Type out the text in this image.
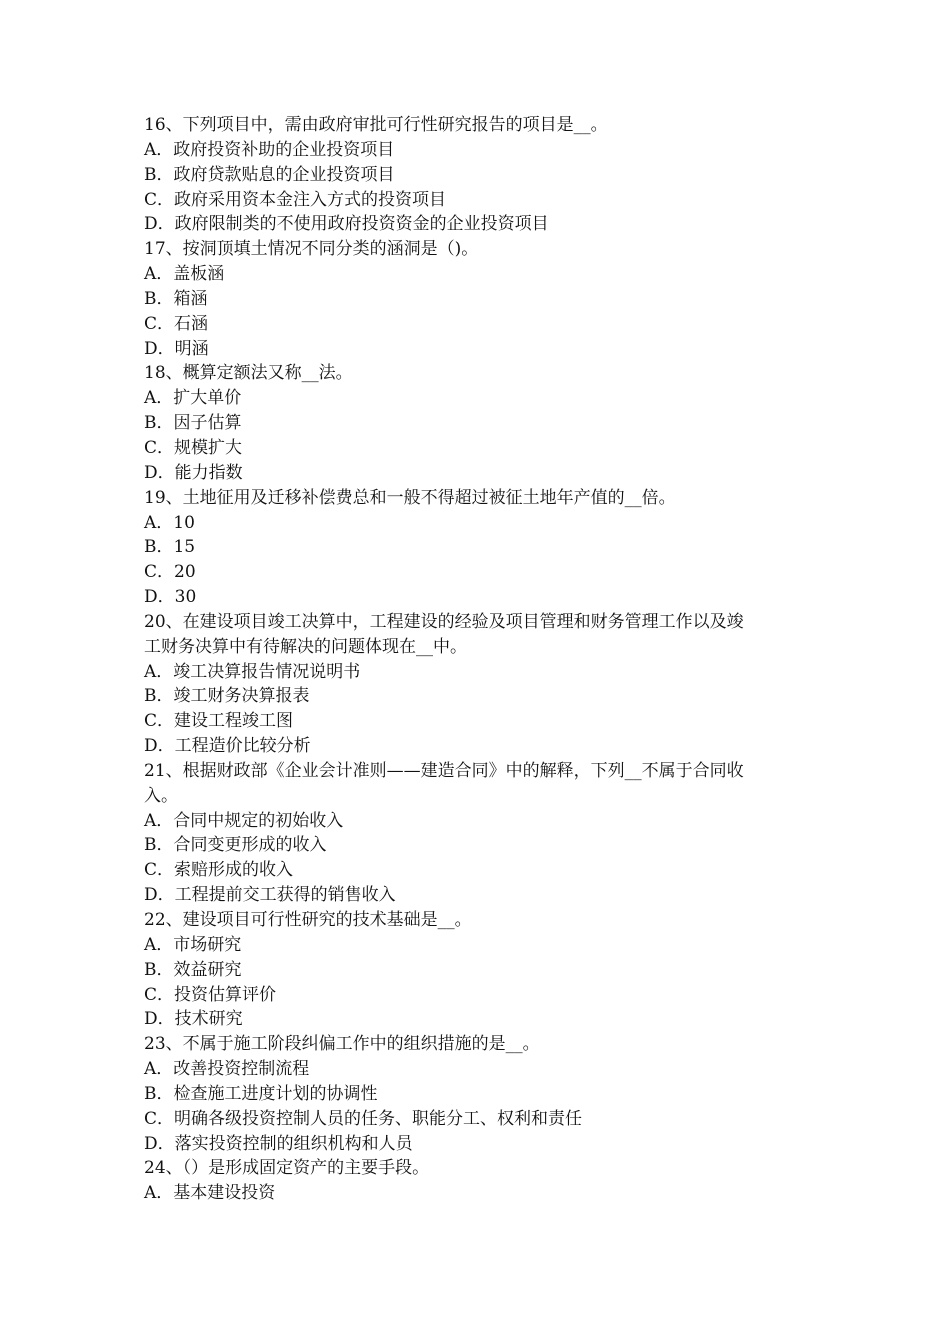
16、下列项目中，需由政府审批可行性研究报告的项目是__。

A．政府投资补助的企业投资项目

B．政府贷款贴息的企业投资项目

C．政府采用资本金注入方式的投资项目

D．政府限制类的不使用政府投资资金的企业投资项目

17、按洞顶填土情况不同分类的涵洞是（)。

A．盖板涵

B．箱涵

C．石涵

D．明涵

18、概算定额法又称__法。

A．扩大单价

B．因子估算

C．规模扩大

D．能力指数

19、土地征用及迁移补偿费总和一般不得超过被征土地年产值的__倍。

A．10

B．15

C．20

D．30

20、在建设项目竣工决算中，工程建设的经验及项目管理和财务管理工作以及竣

工财务决算中有待解决的问题体现在__中。

A．竣工决算报告情况说明书

B．竣工财务决算报表

C．建设工程竣工图

D．工程造价比较分析

21、根据财政部《企业会计准则——建造合同》中的解释，下列__不属于合同收

入。

A．合同中规定的初始收入

B．合同变更形成的收入

C．索赔形成的收入

D．工程提前交工获得的销售收入

22、建设项目可行性研究的技术基础是__。

A．市场研究

B．效益研究

C．投资估算评价

D．技术研究

23、不属于施工阶段纠偏工作中的组织措施的是__。

A．改善投资控制流程

B．检查施工进度计划的协调性

C．明确各级投资控制人员的任务、职能分工、权利和责任

D．落实投资控制的组织机构和人员

24、（）是形成固定资产的主要手段。

A．基本建设投资
